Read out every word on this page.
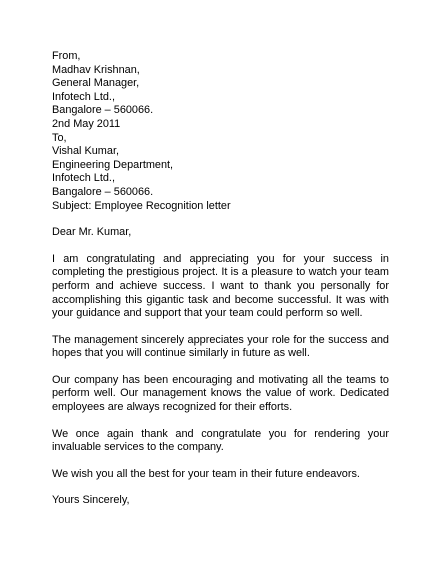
From,
Madhav Krishnan,
General Manager,
Infotech Ltd.,
Bangalore – 560066.
2nd May 2011
To,
Vishal Kumar,
Engineering Department,
Infotech Ltd.,
Bangalore – 560066.
Subject: Employee Recognition letter
Dear Mr. Kumar,
I am congratulating and appreciating you for your success in completing the prestigious project. It is a pleasure to watch your team perform and achieve success. I want to thank you personally for accomplishing this gigantic task and become successful. It was with your guidance and support that your team could perform so well.
The management sincerely appreciates your role for the success and hopes that you will continue similarly in future as well.
Our company has been encouraging and motivating all the teams to perform well. Our management knows the value of work. Dedicated employees are always recognized for their efforts.
We once again thank and congratulate you for rendering your invaluable services to the company.
We wish you all the best for your team in their future endeavors.
Yours Sincerely,
